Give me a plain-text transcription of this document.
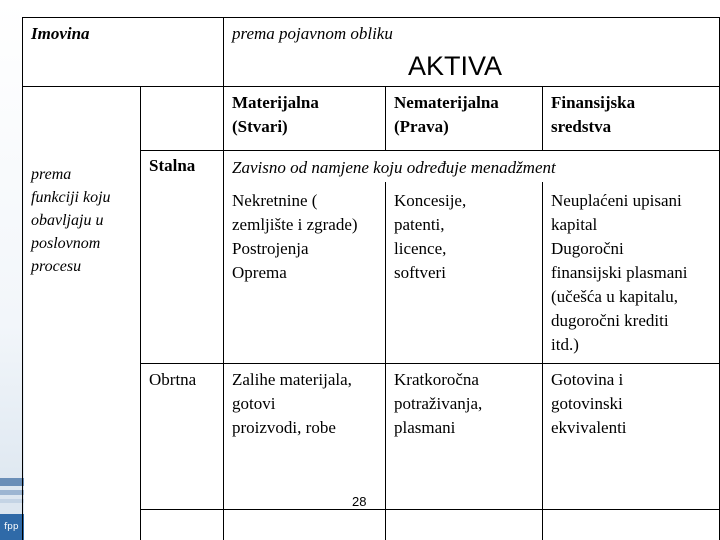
fpp
Imovina	prema pojavnom obliku
AKTIVA
prema
funkciji koju
obavljaju u
poslovnom
procesu
Materijalna
(Stvari)
Nematerijalna
(Prava)
Finansijska
sredstva
Stalna Zavisno od namjene koju određuje menadžment
Nekretnine (
zemljište i zgrade)
Postrojenja
Oprema
Koncesije,
patenti,
licence,
softveri
Neuplaćeni upisani
kapital
Dugoročni
finansijski plasmani
(učešća u kapitalu,
dugoročni krediti
itd.)
Obrtna Zalihe materijala,
gotovi
proizvodi, robe
Kratkoročna
potraživanja,
plasmani
Gotovina i
gotovinski
ekvivalenti
28
